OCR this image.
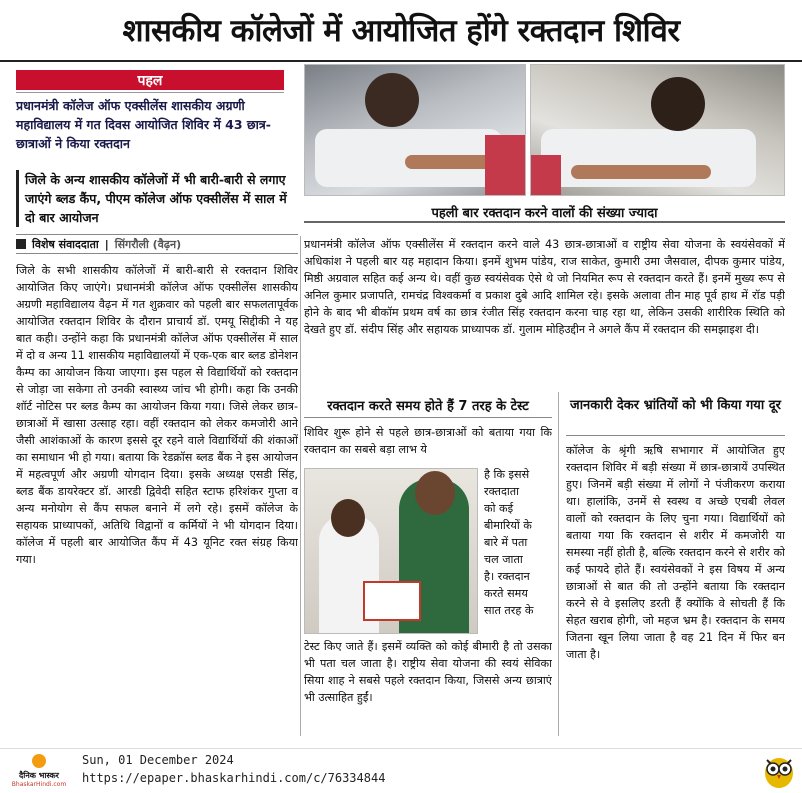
शासकीय कॉलेजों में आयोजित होंगे रक्तदान शिविर
पहल
प्रधानमंत्री कॉलेज ऑफ एक्सीलेंस शासकीय अग्रणी महाविद्यालय में गत दिवस आयोजित शिविर में 43 छात्र- छात्राओं ने किया रक्तदान
जिले के अन्य शासकीय कॉलेजों में भी बारी-बारी से लगाए जाएंगे ब्लड कैंप, पीएम कॉलेज ऑफ एक्सीलेंस में साल में दो बार आयोजन	पहली बार रक्तदान करने वालों की संख्या ज्यादा
विशेष संवाददाता | सिंगरौली (वैढ़न)
जिले के सभी शासकीय कॉलेजों में बारी-बारी से रक्तदान शिविर आयोजित किए जाएंगे। प्रधानमंत्री कॉलेज ऑफ एक्सीलेंस शासकीय अग्रणी महाविद्यालय वैढ़न में गत शुक्रवार को पहली बार सफलतापूर्वक आयोजित रक्तदान शिविर के दौरान प्राचार्य डॉ. एमयू सिद्दीकी ने यह बात कही। उन्होंने कहा कि प्रधानमंत्री कॉलेज ऑफ एक्सीलेंस में साल में दो व अन्य 11 शासकीय महाविद्यालयों में एक-एक बार ब्लड डोनेशन कैम्प का आयोजन किया जाएगा। इस पहल से विद्यार्थियों को रक्तदान से जोड़ा जा सकेगा तो उनकी स्वास्थ्य जांच भी होगी। कहा कि उनकी शॉर्ट नोटिस पर ब्लड कैम्प का आयोजन किया गया। जिसे लेकर छात्र-छात्राओं में खासा उत्साह रहा। वहीं रक्तदान को लेकर कमजोरी आने जैसी आशंकाओं के कारण इससे दूर रहने वाले विद्यार्थियों की शंकाओं का समाधान भी हो गया। बताया कि रेडक्रॉस ब्लड बैंक ने इस आयोजन में महत्वपूर्ण और अग्रणी योगदान दिया। इसके अध्यक्ष एसडी सिंह, ब्लड बैंक डायरेक्टर डॉ. आरडी द्विवेदी सहित स्टाफ हरिशंकर गुप्ता व अन्य मनोयोग से कैंप सफल बनाने में लगे रहे। इसमें कॉलेज के सहायक प्राध्यापकों, अतिथि विद्वानों व कर्मियों ने भी योगदान दिया। कॉलेज में पहली बार आयोजित कैंप में 43 यूनिट रक्त संग्रह किया गया।
प्रधानमंत्री कॉलेज ऑफ एक्सीलेंस में रक्तदान करने वाले 43 छात्र-छात्राओं व राष्ट्रीय सेवा योजना के स्वयंसेवकों में अधिकांश ने पहली बार यह महादान किया। इनमें शुभम पांडेय, राज साकेत, कुमारी उमा जैसवाल, दीपक कुमार पांडेय, मिष्ठी अग्रवाल सहित कई अन्य थे। वहीं कुछ स्वयंसेवक ऐसे थे जो नियमित रूप से रक्तदान करते हैं। इनमें मुख्य रूप से अनिल कुमार प्रजापति, रामचंद्र विश्वकर्मा व प्रकाश दुबे आदि शामिल रहे। इसके अलावा तीन माह पूर्व हाथ में रॉड पड़ी होने के बाद भी बीकॉम प्रथम वर्ष का छात्र रंजीत सिंह रक्तदान करना चाह रहा था, लेकिन उसकी शारीरिक स्थिति को देखते हुए डॉ. संदीप सिंह और सहायक प्राध्यापक डॉ. गुलाम मोहिउद्दीन ने अगले कैंप में रक्तदान की समझाइश दी।
रक्तदान करते समय होते हैं 7 तरह के टेस्ट
शिविर शुरू होने से पहले छात्र-छात्राओं को बताया गया कि रक्तदान का सबसे बड़ा लाभ ये
है कि इससे
रक्तदाता
को कई
बीमारियों के
बारे में पता
चल जाता
है। रक्तदान
करते समय
सात तरह के
टेस्ट किए जाते हैं। इसमें व्यक्ति को कोई बीमारी है तो उसका भी पता चल जाता है। राष्ट्रीय सेवा योजना की स्वयं सेविका सिया शाह ने सबसे पहले रक्तदान किया, जिससे अन्य छात्राएं भी उत्साहित हुईं।
जानकारी देकर भ्रांतियों को भी किया गया दूर
कॉलेज के श्रृंगी ऋषि सभागार में आयोजित हुए रक्तदान शिविर में बड़ी संख्या में छात्र-छात्रायें उपस्थित हुए। जिनमें बड़ी संख्या में लोगों ने पंजीकरण कराया था। हालांकि, उनमें से स्वस्थ व अच्छे एचबी लेवल वालों को रक्तदान के लिए चुना गया। विद्यार्थियों को बताया गया कि रक्तदान से शरीर में कमजोरी या समस्या नहीं होती है, बल्कि रक्तदान करने से शरीर को कई फायदे होते हैं। स्वयंसेवकों ने इस विषय में अन्य छात्राओं से बात की तो उन्होंने बताया कि रक्तदान करने से वे इसलिए डरती हैं क्योंकि वे सोचती हैं कि सेहत खराब होगी, जो महज भ्रम है। रक्तदान के समय जितना खून लिया जाता है वह 21 दिन में फिर बन जाता है।
दैनिक भास्कर
BhaskarHindi.com
Sun, 01 December 2024
https://epaper.bhaskarhindi.com/c/76334844
